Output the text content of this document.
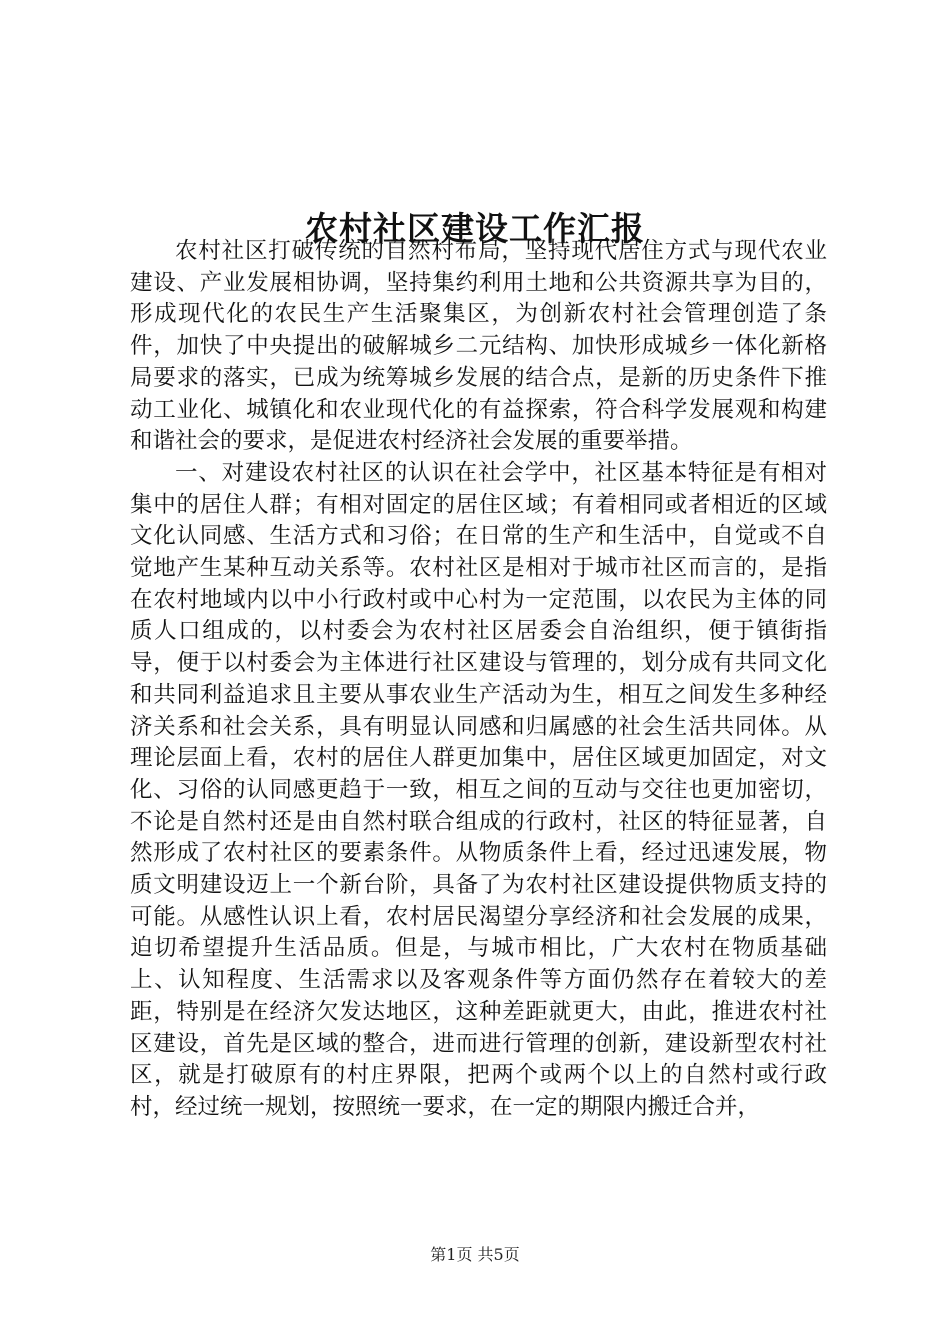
农村社区建设工作汇报

农村社区打破传统的自然村布局，坚持现代居住方式与现代农业建设、产业发展相协调，坚持集约利用土地和公共资源共享为目的，形成现代化的农民生产生活聚集区，为创新农村社会管理创造了条件，加快了中央提出的破解城乡二元结构、加快形成城乡一体化新格局要求的落实，已成为统筹城乡发展的结合点，是新的历史条件下推动工业化、城镇化和农业现代化的有益探索，符合科学发展观和构建和谐社会的要求，是促进农村经济社会发展的重要举措。

一、对建设农村社区的认识在社会学中，社区基本特征是有相对集中的居住人群；有相对固定的居住区域；有着相同或者相近的区域文化认同感、生活方式和习俗；在日常的生产和生活中，自觉或不自觉地产生某种互动关系等。农村社区是相对于城市社区而言的，是指在农村地域内以中小行政村或中心村为一定范围，以农民为主体的同质人口组成的，以村委会为农村社区居委会自治组织，便于镇街指导，便于以村委会为主体进行社区建设与管理的，划分成有共同文化和共同利益追求且主要从事农业生产活动为生，相互之间发生多种经济关系和社会关系，具有明显认同感和归属感的社会生活共同体。从理论层面上看，农村的居住人群更加集中，居住区域更加固定，对文化、习俗的认同感更趋于一致，相互之间的互动与交往也更加密切，不论是自然村还是由自然村联合组成的行政村，社区的特征显著，自然形成了农村社区的要素条件。从物质条件上看，经过迅速发展，物质文明建设迈上一个新台阶，具备了为农村社区建设提供物质支持的可能。从感性认识上看，农村居民渴望分享经济和社会发展的成果，迫切希望提升生活品质。但是，与城市相比，广大农村在物质基础上、认知程度、生活需求以及客观条件等方面仍然存在着较大的差距，特别是在经济欠发达地区，这种差距就更大，由此，推进农村社区建设，首先是区域的整合，进而进行管理的创新，建设新型农村社区，就是打破原有的村庄界限，把两个或两个以上的自然村或行政村，经过统一规划，按照统一要求，在一定的期限内搬迁合并，

第1页 共5页
